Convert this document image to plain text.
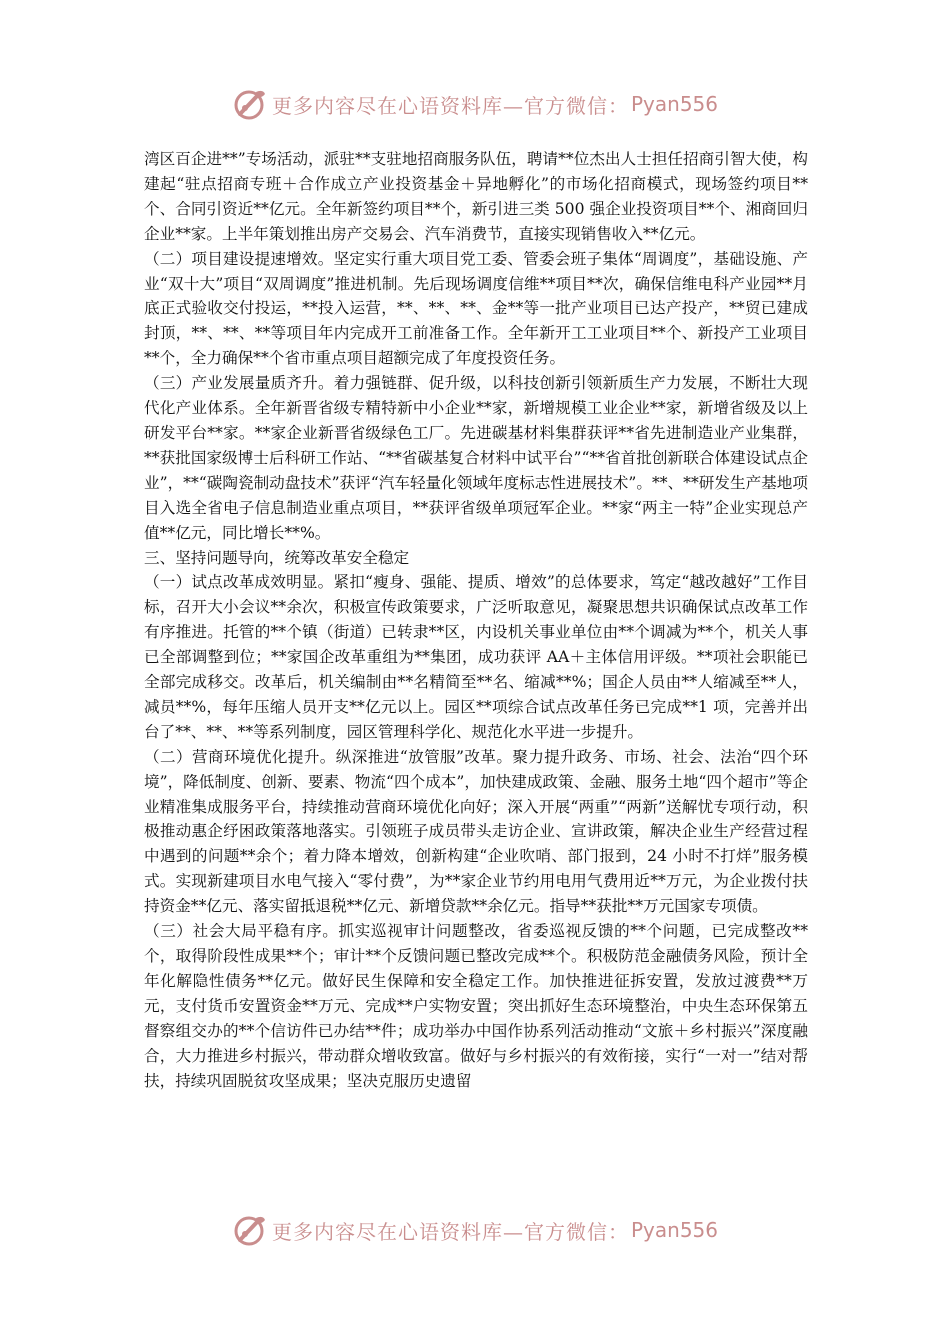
更多内容尽在心语资料库—官方微信： Pyan556

湾区百企进**”专场活动，派驻**支驻地招商服务队伍，聘请**位杰出人士担任招商引智大使，构建起“驻点招商专班＋合作成立产业投资基金＋异地孵化”的市场化招商模式，现场签约项目**个、合同引资近**亿元。全年新签约项目**个，新引进三类 500 强企业投资项目**个、湘商回归企业**家。上半年策划推出房产交易会、汽车消费节，直接实现销售收入**亿元。

（二）项目建设提速增效。坚定实行重大项目党工委、管委会班子集体“周调度”，基础设施、产业“双十大”项目“双周调度”推进机制。先后现场调度信维**项目**次，确保信维电科产业园**月底正式验收交付投运，**投入运营，**、**、**、金**等一批产业项目已达产投产，**贸已建成封顶，**、**、**等项目年内完成开工前准备工作。全年新开工工业项目**个、新投产工业项目**个，全力确保**个省市重点项目超额完成了年度投资任务。

（三）产业发展量质齐升。着力强链群、促升级，以科技创新引领新质生产力发展，不断壮大现代化产业体系。全年新晋省级专精特新中小企业**家，新增规模工业企业**家，新增省级及以上研发平台**家。**家企业新晋省级绿色工厂。先进碳基材料集群获评**省先进制造业产业集群，**获批国家级博士后科研工作站、“**省碳基复合材料中试平台”“**省首批创新联合体建设试点企业”，**“碳陶瓷制动盘技术”获评“汽车轻量化领域年度标志性进展技术”。**、**研发生产基地项目入选全省电子信息制造业重点项目，**获评省级单项冠军企业。**家“两主一特”企业实现总产值**亿元，同比增长**%。

三、坚持问题导向，统筹改革安全稳定

（一）试点改革成效明显。紧扣“瘦身、强能、提质、增效”的总体要求，笃定“越改越好”工作目标，召开大小会议**余次，积极宣传政策要求，广泛听取意见，凝聚思想共识确保试点改革工作有序推进。托管的**个镇（街道）已转隶**区，内设机关事业单位由**个调减为**个，机关人事已全部调整到位；**家国企改革重组为**集团，成功获评 AA＋主体信用评级。**项社会职能已全部完成移交。改革后，机关编制由**名精简至**名、缩减**%；国企人员由**人缩减至**人，减员**%，每年压缩人员开支**亿元以上。园区**项综合试点改革任务已完成**1 项，完善并出台了**、**、**等系列制度，园区管理科学化、规范化水平进一步提升。

（二）营商环境优化提升。纵深推进“放管服”改革。聚力提升政务、市场、社会、法治“四个环境”，降低制度、创新、要素、物流“四个成本”，加快建成政策、金融、服务土地“四个超市”等企业精准集成服务平台，持续推动营商环境优化向好；深入开展“两重”“两新”送解忧专项行动，积极推动惠企纾困政策落地落实。引领班子成员带头走访企业、宣讲政策，解决企业生产经营过程中遇到的问题**余个；着力降本增效，创新构建“企业吹哨、部门报到，24 小时不打烊”服务模式。实现新建项目水电气接入“零付费”，为**家企业节约用电用气费用近**万元，为企业拨付扶持资金**亿元、落实留抵退税**亿元、新增贷款**余亿元。指导**获批**万元国家专项债。

（三）社会大局平稳有序。抓实巡视审计问题整改，省委巡视反馈的**个问题，已完成整改**个，取得阶段性成果**个；审计**个反馈问题已整改完成**个。积极防范金融债务风险，预计全年化解隐性债务**亿元。做好民生保障和安全稳定工作。加快推进征拆安置，发放过渡费**万元，支付货币安置资金**万元、完成**户实物安置；突出抓好生态环境整治，中央生态环保第五督察组交办的**个信访件已办结**件；成功举办中国作协系列活动推动“文旅＋乡村振兴”深度融合，大力推进乡村振兴，带动群众增收致富。做好与乡村振兴的有效衔接，实行“一对一”结对帮扶，持续巩固脱贫攻坚成果；坚决克服历史遗留

更多内容尽在心语资料库—官方微信： Pyan556
